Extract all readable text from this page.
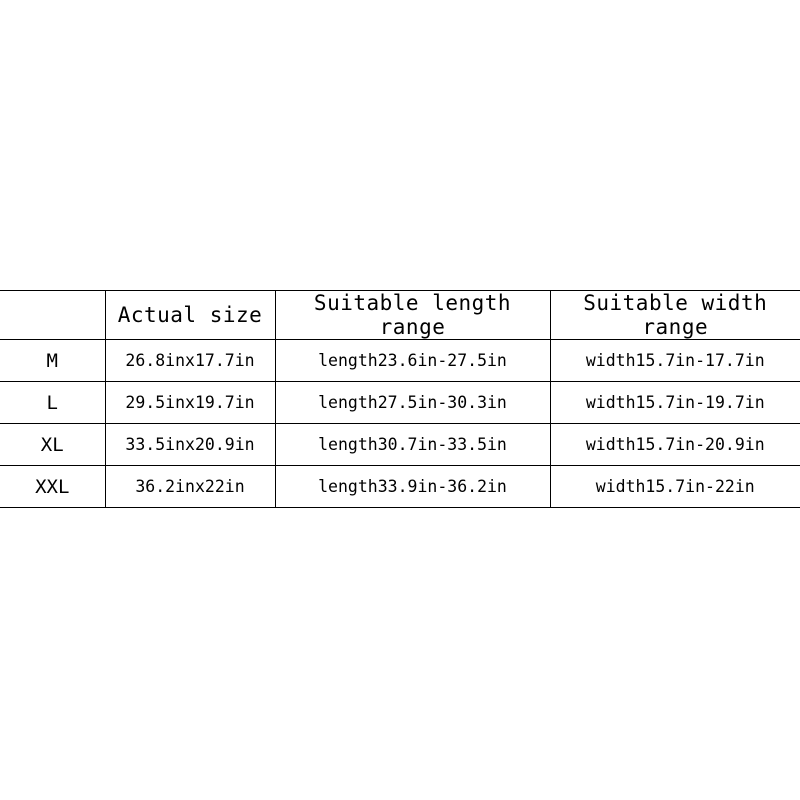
	Actual size	Suitable length range	Suitable width range
M	26.8inx17.7in	length23.6in-27.5in	width15.7in-17.7in
L	29.5inx19.7in	length27.5in-30.3in	width15.7in-19.7in
XL	33.5inx20.9in	length30.7in-33.5in	width15.7in-20.9in
XXL	36.2inx22in	length33.9in-36.2in	width15.7in-22in
